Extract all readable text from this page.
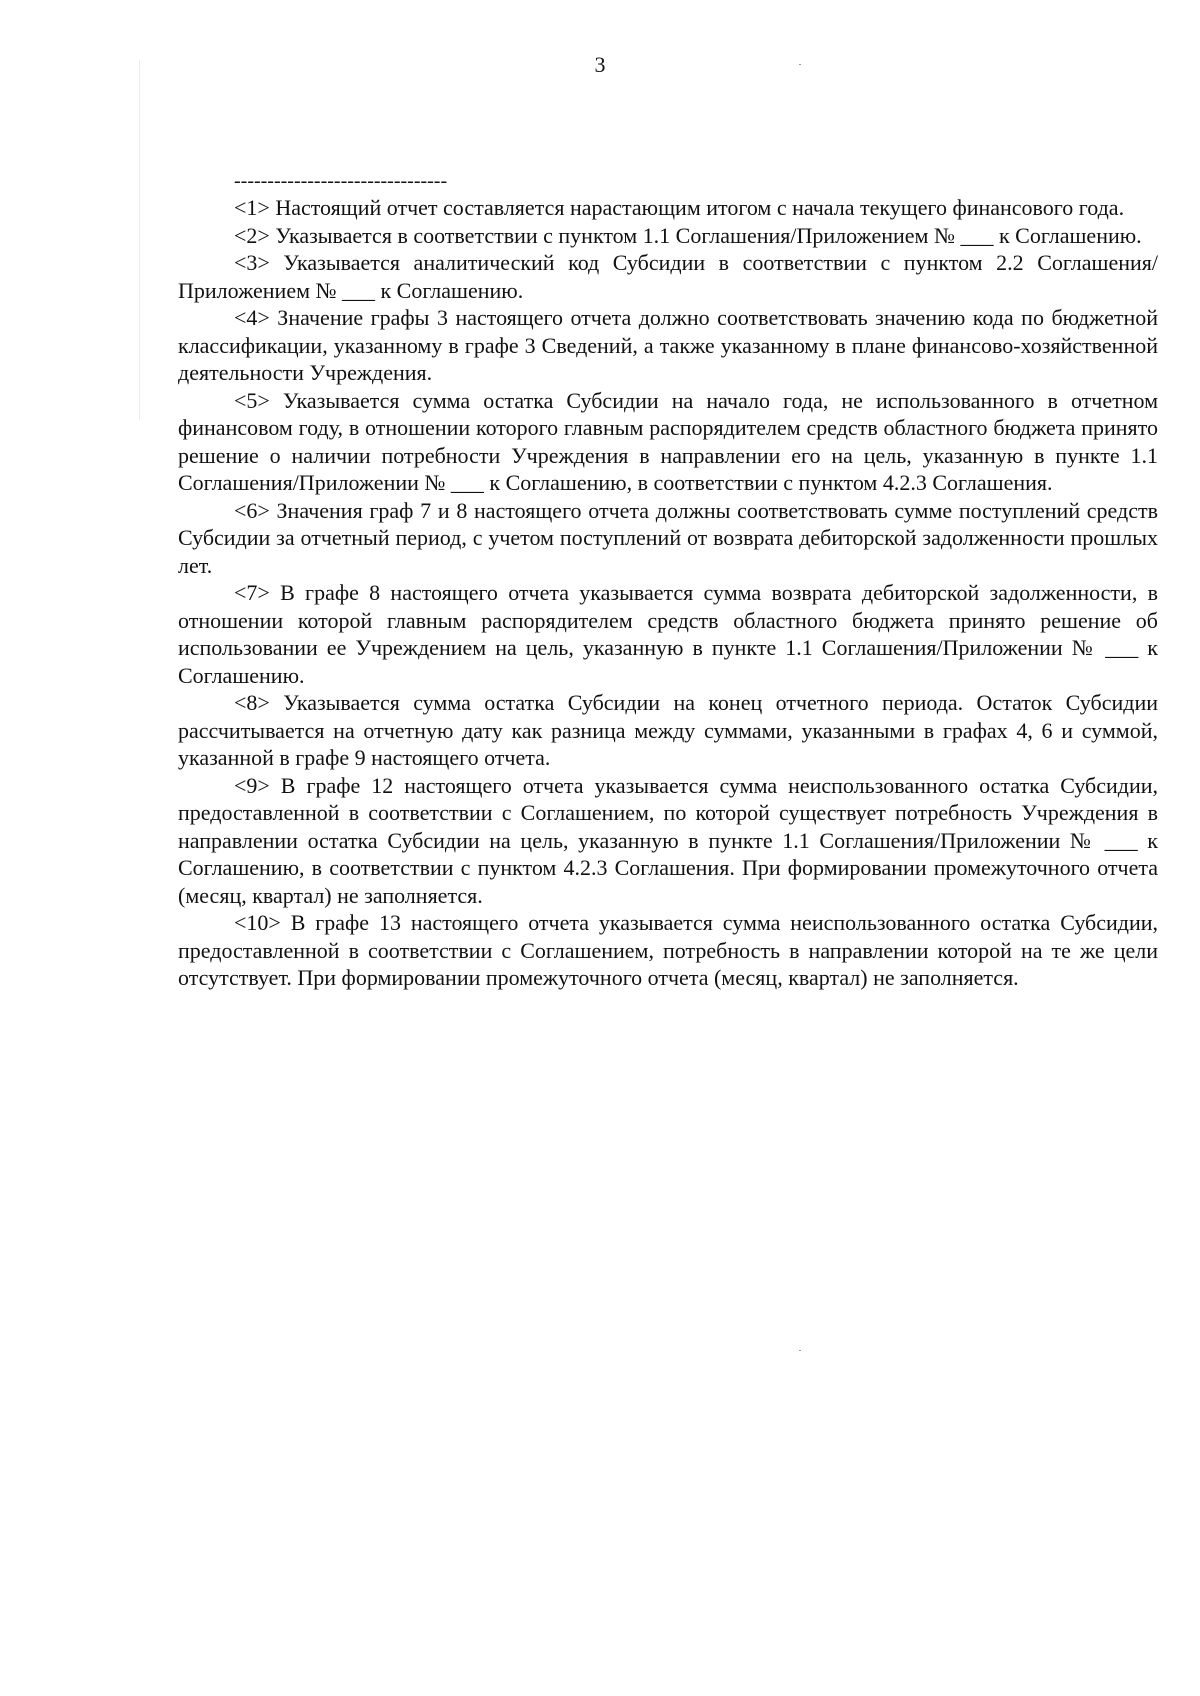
3
--------------------------------

<1> Настоящий отчет составляется нарастающим итогом с начала текущего финансового года.

<2> Указывается в соответствии с пунктом 1.1 Соглашения/Приложением № ___ к Соглашению.

<3> Указывается аналитический код Субсидии в соответствии с пунктом 2.2 Соглашения/Приложением № ___ к Соглашению.

<4> Значение графы 3 настоящего отчета должно соответствовать значению кода по бюджетной классификации, указанному в графе 3 Сведений, а также указанному в плане финансово-хозяйственной деятельности Учреждения.

<5> Указывается сумма остатка Субсидии на начало года, не использованного в отчетном финансовом году, в отношении которого главным распорядителем средств областного бюджета принято решение о наличии потребности Учреждения в направлении его на цель, указанную в пункте 1.1 Соглашения/Приложении № ___ к Соглашению, в соответствии с пунктом 4.2.3 Соглашения.

<6> Значения граф 7 и 8 настоящего отчета должны соответствовать сумме поступлений средств Субсидии за отчетный период, с учетом поступлений от возврата дебиторской задолженности прошлых лет.

<7> В графе 8 настоящего отчета указывается сумма возврата дебиторской задолженности, в отношении которой главным распорядителем средств областного бюджета принято решение об использовании ее Учреждением на цель, указанную в пункте 1.1 Соглашения/Приложении № ___ к Соглашению.

<8> Указывается сумма остатка Субсидии на конец отчетного периода. Остаток Субсидии рассчитывается на отчетную дату как разница между суммами, указанными в графах 4, 6 и суммой, указанной в графе 9 настоящего отчета.

<9> В графе 12 настоящего отчета указывается сумма неиспользованного остатка Субсидии, предоставленной в соответствии с Соглашением, по которой существует потребность Учреждения в направлении остатка Субсидии на цель, указанную в пункте 1.1 Соглашения/Приложении № ___ к Соглашению, в соответствии с пунктом 4.2.3 Соглашения. При формировании промежуточного отчета (месяц, квартал) не заполняется.

<10> В графе 13 настоящего отчета указывается сумма неиспользованного остатка Субсидии, предоставленной в соответствии с Соглашением, потребность в направлении которой на те же цели отсутствует. При формировании промежуточного отчета (месяц, квартал) не заполняется.
